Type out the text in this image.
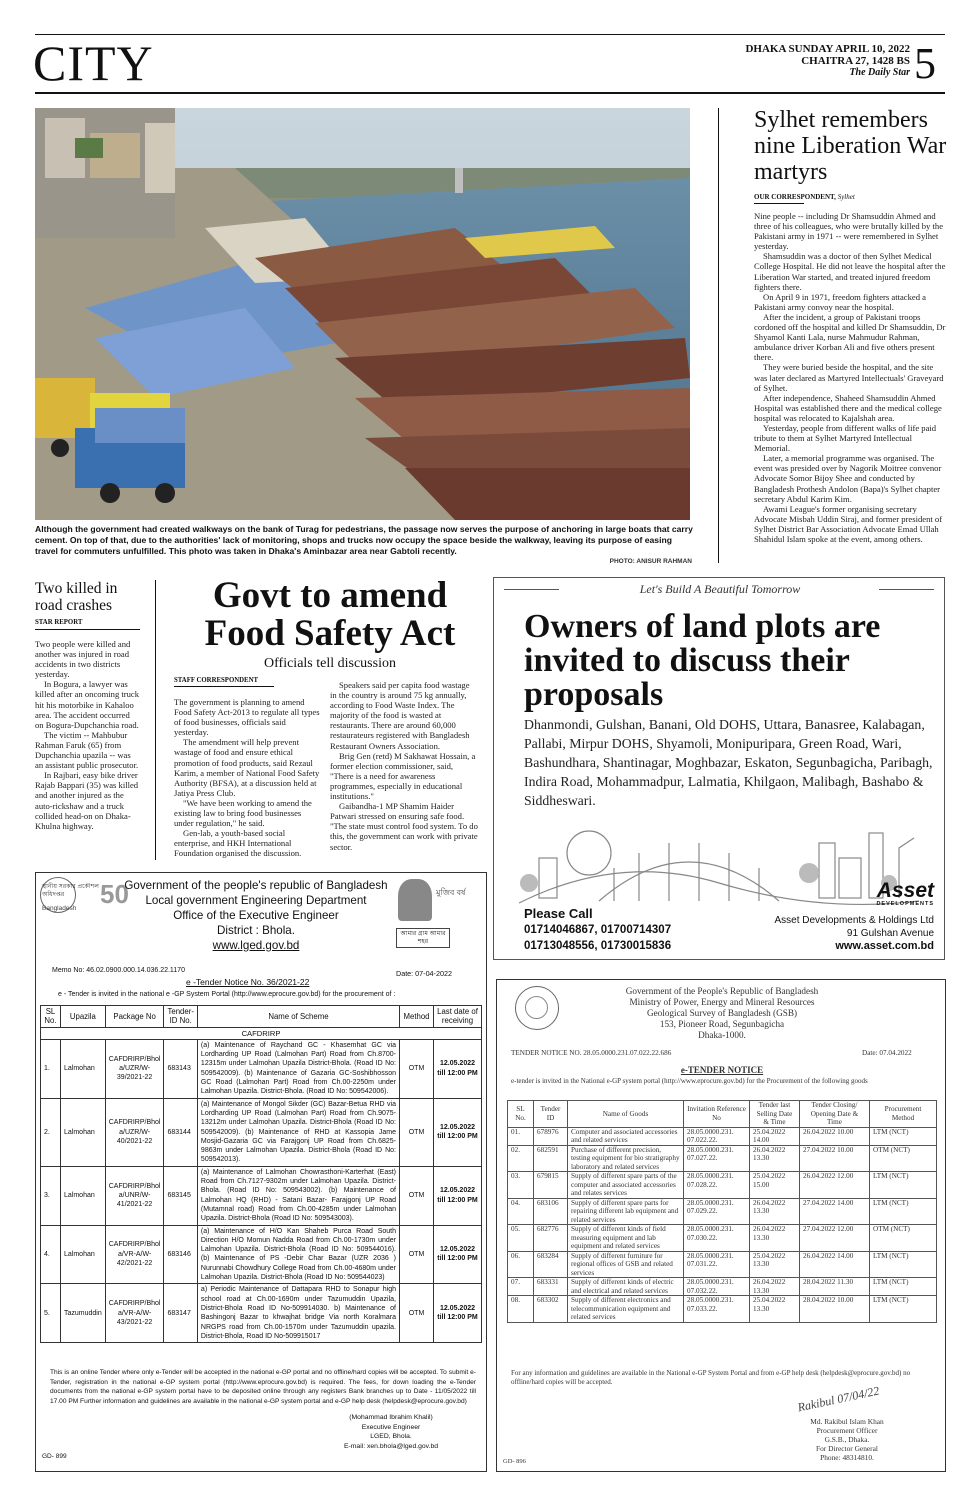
CITY	DHAKA SUNDAY APRIL 10, 2022
CHAITRA 27, 1428 BS
The Daily Star 5
Although the government had created walkways on the bank of Turag for pedestrians, the passage now serves the purpose of anchoring in large boats that carry cement. On top of that, due to the authorities' lack of monitoring, shops and trucks now occupy the space beside the walkway, leaving its purpose of easing travel for commuters unfulfilled. This photo was taken in Dhaka's Aminbazar area near Gabtoli recently.
PHOTO: ANISUR RAHMAN
Sylhet remembers nine Liberation War martyrs
OUR CORRESPONDENT, Sylhet

Nine people -- including Dr Shamsuddin Ahmed and three of his colleagues, who were brutally killed by the Pakistani army in 1971 -- were remembered in Sylhet yesterday.

Shamsuddin was a doctor of then Sylhet Medical College Hospital. He did not leave the hospital after the Liberation War started, and treated injured freedom fighters there.

On April 9 in 1971, freedom fighters attacked a Pakistani army convoy near the hospital.

After the incident, a group of Pakistani troops cordoned off the hospital and killed Dr Shamsuddin, Dr Shyamol Kanti Lala, nurse Mahmudur Rahman, ambulance driver Korban Ali and five others present there.

They were buried beside the hospital, and the site was later declared as Martyred Intellectuals' Graveyard of Sylhet.

After independence, Shaheed Shamsuddin Ahmed Hospital was established there and the medical college hospital was relocated to Kajalshah area.

Yesterday, people from different walks of life paid tribute to them at Sylhet Martyred Intellectual Memorial.

Later, a memorial programme was organised. The event was presided over by Nagorik Moitree convenor Advocate Somor Bijoy Shee and conducted by Bangladesh Prothesh Andolon (Bapa)'s Sylhet chapter secretary Abdul Karim Kim.

Awami League's former organising secretary Advocate Misbah Uddin Siraj, and former president of Sylhet District Bar Association Advocate Emad Ullah Shahidul Islam spoke at the event, among others.

Two killed in road crashes
STAR REPORT

Two people were killed and another was injured in road accidents in two districts yesterday.

In Bogura, a lawyer was killed after an oncoming truck hit his motorbike in Kahaloo area. The accident occurred on Bogura-Dupchanchia road.

The victim -- Mahbubur Rahman Faruk (65) from Dupchanchia upazila -- was an assistant public prosecutor.

In Rajbari, easy bike driver Rajab Bappari (35) was killed and another injured as the auto-rickshaw and a truck collided head-on on Dhaka-Khulna highway.

Govt to amend Food Safety Act
Officials tell discussion
STAFF CORRESPONDENT

The government is planning to amend Food Safety Act-2013 to regulate all types of food businesses, officials said yesterday.

The amendment will help prevent wastage of food and ensure ethical promotion of food products, said Rezaul Karim, a member of National Food Safety Authority (BFSA), at a discussion held at Jatiya Press Club.

"We have been working to amend the existing law to bring food businesses under regulation," he said.

Gen-lab, a youth-based social enterprise, and HKH International Foundation organised the discussion.

Speakers said per capita food wastage in the country is around 75 kg annually, according to Food Waste Index. The majority of the food is wasted at restaurants. There are around 60,000 restaurateurs registered with Bangladesh Restaurant Owners Association.

Brig Gen (retd) M Sakhawat Hossain, a former election commissioner, said, "There is a need for awareness programmes, especially in educational institutions."

Gaibandha-1 MP Shamim Haider Patwari stressed on ensuring safe food. "The state must control food system. To do this, the government can work with private sector.

Let's Build A Beautiful Tomorrow
Owners of land plots are invited to discuss their proposals
Dhanmondi, Gulshan, Banani, Old DOHS, Uttara, Banasree, Kalabagan, Pallabi, Mirpur DOHS, Shyamoli, Monipuripara, Green Road, Wari, Bashundhara, Shantinagar, Moghbazar, Eskaton, Segunbagicha, Paribagh, Indira Road, Mohammadpur, Lalmatia, Khilgaon, Malibagh, Bashabo & Siddheswari.
Please Call
01714046867, 01700714307
01713048556, 01730015836
Asset
DEVELOPMENTS
Asset Developments & Holdings Ltd
91 Gulshan Avenue
www.asset.com.bd
স্থানীয় সরকার প্রকৌশল অধিদপ্তর
Bangladesh 50
Government of the people's republic of Bangladesh
Local government Engineering Department
Office of the Executive Engineer
District : Bhola.
www.lged.gov.bd
মুজিব বর্ষ
আমার গ্রাম আমার শহর
Memo No: 46.02.0900.000.14.036.22.1170	Date: 07-04-2022
e -Tender Notice No. 36/2021-22
e - Tender is invited in the national e -GP System Portal (http://www.eprocure.gov.bd) for the procurement of :
SL No.	Upazila	Package No	Tender-ID No.	Name of Scheme	Method	Last date of receiving
CAFDRIRP						
1.	Lalmohan	CAFDRIRP/Bhol a/UZR/W-39/2021-22	683143	(a) Maintenance of Raychand GC - Khasemhat GC via Lordharding UP Road (Lalmohan Part) Road from Ch.8700-12315m under Lalmohan Upazila District-Bhola. (Road ID No: 509542009). (b) Maintenance of Gazaria GC-Soshibhosson GC Road (Lalmohan Part) Road from Ch.00-2250m under Lalmohan Upazila. District-Bhola. (Road ID No: 509542006).	OTM	12.05.2022 till 12:00 PM
2.	Lalmohan	CAFDRIRP/Bhol a/UZR/W-40/2021-22	683144	(a) Maintenance of Mongol Sikder (GC) Bazar-Betua RHD via Lordharding UP Road (Lalmohan Part) Road from Ch.9075-13212m under Lalmohan Upazila. District-Bhola (Road ID No: 509542009). (b) Maintenance of RHD at Kassopia Jame Mosjid-Gazaria GC via Farajgonj UP Road from Ch.6825-9863m under Lalmohan Upazila. District-Bhola (Road ID No: 509542013).	OTM	12.05.2022 till 12:00 PM
3.	Lalmohan	CAFDRIRP/Bhol a/UNR/W-41/2021-22	683145	(a) Maintenance of Lalmohan Chowrasthoni-Karterhat (East) Road from Ch.7127-9302m under Lalmohan Upazila. District-Bhola. (Road ID No: 509543002). (b) Maintenance of Lalmohan HQ (RHD) - Satani Bazar- Farajgonj UP Road (Mutamnal road) Road from Ch.00-4285m under Lalmohan Upazila. District-Bhola (Road ID No: 509543003).	OTM	12.05.2022 till 12:00 PM
4.	Lalmohan	CAFDRIRP/Bhol a/VR-A/W-42/2021-22	683146	(a) Maintenance of H/O Kan Shaheb Purca Road South Direction H/O Momun Nadda Road from Ch.00-1730m under Lalmohan Upazila. District-Bhola (Road ID No: 509544016). (b) Maintenance of PS -Debir Char Bazar (UZR 2036 ) Nurunnabi Chowdhury College Road from Ch.00-4680m under Lalmohan Upazila. District-Bhola (Road ID No: 509544023)	OTM	12.05.2022 till 12:00 PM
5.	Tazumuddin	CAFDRIRP/Bhol a/VR-A/W-43/2021-22	683147	a) Periodic Maintenance of Dattapara RHD to Sonapur high school road at Ch.00-1690m under Tazumuddin Upazila, District-Bhola Road ID No-509914030. b) Maintenance of Bashingonj Bazar to khwajhat bridge Via north Koralmara NRGPS road from Ch.00-1570m under Tazumuddin upazila. District-Bhola, Road ID No-509915017	OTM	12.05.2022 till 12:00 PM
This is an online Tender where only e-Tender will be accepted in the national e-GP portal and no offline/hard copies will be accepted. To submit e-Tender, registration in the national e-GP system portal (http://www.eprocure.gov.bd) is required. The fees, for down loading the e-Tender documents from the national e-GP system portal have to be deposited online through any registers Bank branches up to Date - 11/05/2022 till 17.00 PM Further information and guidelines are available in the national e-GP system portal and e-GP help desk (helpdesk@eprocure.gov.bd)
(Mohammad Ibrahim Khalil)
Executive Engineer
LGED, Bhola.
E-mail: xen.bhola@lged.gov.bd
GD- 899
Government of the People's Republic of Bangladesh
Ministry of Power, Energy and Mineral Resources
Geological Survey of Bangladesh (GSB)
153, Pioneer Road, Segunbagicha
Dhaka-1000.
TENDER NOTICE NO. 28.05.0000.231.07.022.22.686	Date: 07.04.2022
e-TENDER NOTICE
e-tender is invited in the National e-GP system portal (http://www.eprocure.gov.bd) for the Procurement of the following goods
SL No.	Tender ID	Name of Goods	Invitation Reference No	Tender last Selling Date & Time	Tender Closing/ Opening Date & Time	Procurement Method
01.	678976	Computer and associated accessories and related services	28.05.0000.231. 07.022.22.	25.04.2022 14.00	26.04.2022 10.00	LTM (NCT)
02.	682591	Purchase of different precision, testing equipment for bio stratigraphy laboratory and related services	28.05.0000.231. 07.027.22.	26.04.2022 13.30	27.04.2022 10.00	OTM (NCT)
03.	679815	Supply of different spare parts of the computer and associated accessories and relates services	28.05.0000.231. 07.028.22.	25.04.2022 15.00	26.04.2022 12.00	LTM (NCT)
04.	683106	Supply of different spare parts for repairing different lab equipment and related services	28.05.0000.231. 07.029.22.	26.04.2022 13.30	27.04.2022 14.00	LTM (NCT)
05.	682776	Supply of different kinds of field measuring equipment and lab equipment and related services	28.05.0000.231. 07.030.22.	26.04.2022 13.30	27.04.2022 12.00	OTM (NCT)
06.	683284	Supply of different furniture for regional offices of GSB and related services	28.05.0000.231. 07.031.22.	25.04.2022 13.30	26.04.2022 14.00	LTM (NCT)
07.	683331	Supply of different kinds of electric and electrical and related services	28.05.0000.231. 07.032.22.	26.04.2022 13.30	28.04.2022 11.30	LTM (NCT)
08.	683302	Supply of different electronics and telecommunication equipment and related services	28.05.0000.231. 07.033.22.	25.04.2022 13.30	28.04.2022 10.00	LTM (NCT)
For any information and guidelines are available in the National e-GP System Portal and from e-GP help desk (helpdesk@eprocure.gov.bd) no offline/hard copies will be accepted.
Rakibul 07/04/22
Md. Rakibul Islam Khan
Procurement Officer
G.S.B., Dhaka.
For Director General
Phone: 48314810.
GD- 896
